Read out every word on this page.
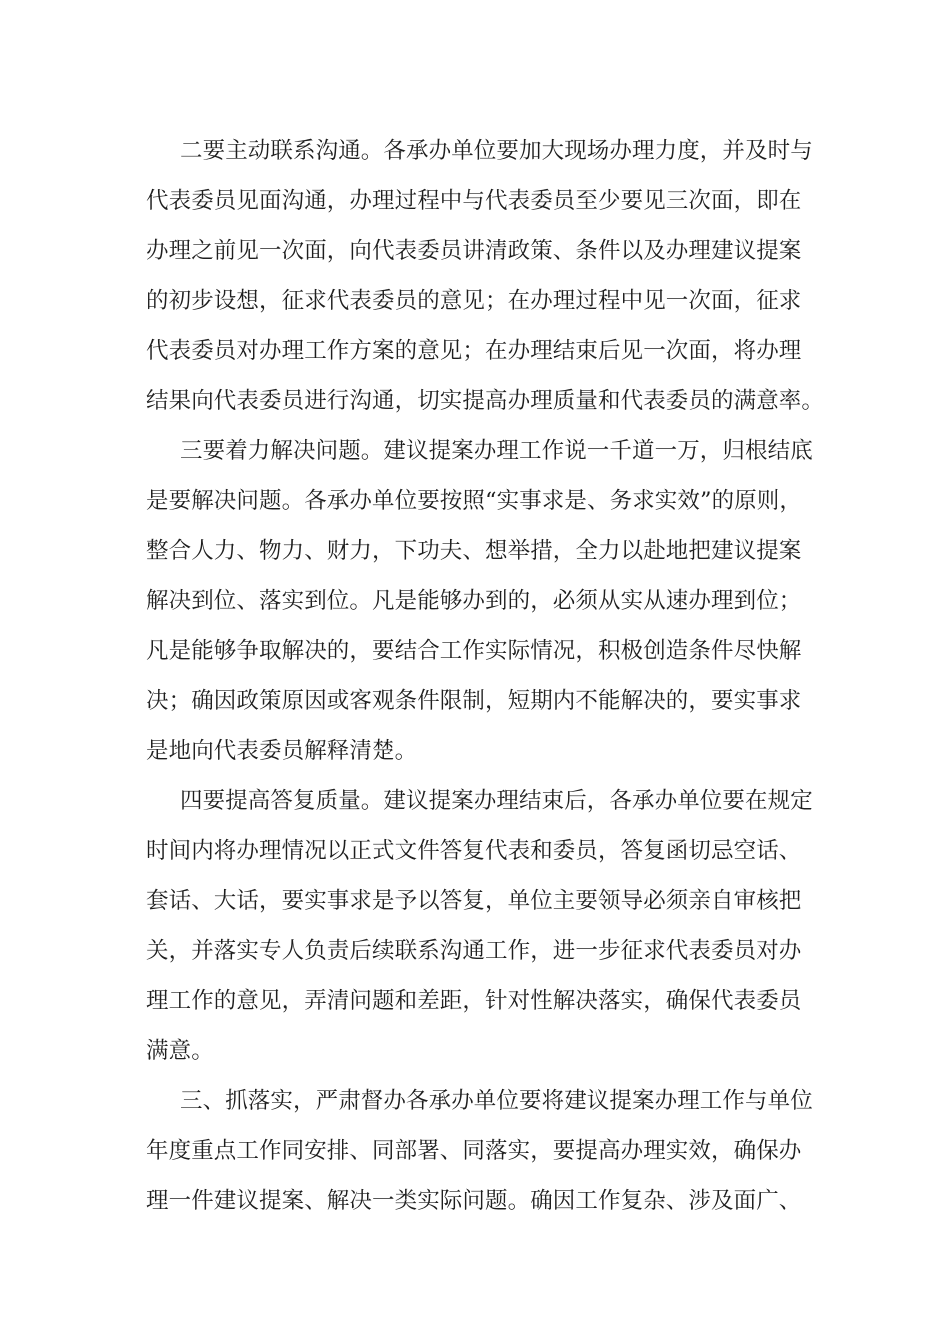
二要主动联系沟通。各承办单位要加大现场办理力度，并及时与

代表委员见面沟通，办理过程中与代表委员至少要见三次面，即在

办理之前见一次面，向代表委员讲清政策、条件以及办理建议提案

的初步设想，征求代表委员的意见；在办理过程中见一次面，征求

代表委员对办理工作方案的意见；在办理结束后见一次面，将办理

结果向代表委员进行沟通，切实提高办理质量和代表委员的满意率。

三要着力解决问题。建议提案办理工作说一千道一万，归根结底

是要解决问题。各承办单位要按照“实事求是、务求实效”的原则，

整合人力、物力、财力，下功夫、想举措，全力以赴地把建议提案

解决到位、落实到位。凡是能够办到的，必须从实从速办理到位；

凡是能够争取解决的，要结合工作实际情况，积极创造条件尽快解

决；确因政策原因或客观条件限制，短期内不能解决的，要实事求

是地向代表委员解释清楚。

四要提高答复质量。建议提案办理结束后，各承办单位要在规定

时间内将办理情况以正式文件答复代表和委员，答复函切忌空话、

套话、大话，要实事求是予以答复，单位主要领导必须亲自审核把

关，并落实专人负责后续联系沟通工作，进一步征求代表委员对办

理工作的意见，弄清问题和差距，针对性解决落实，确保代表委员

满意。

三、抓落实，严肃督办各承办单位要将建议提案办理工作与单位

年度重点工作同安排、同部署、同落实，要提高办理实效，确保办

理一件建议提案、解决一类实际问题。确因工作复杂、涉及面广、
